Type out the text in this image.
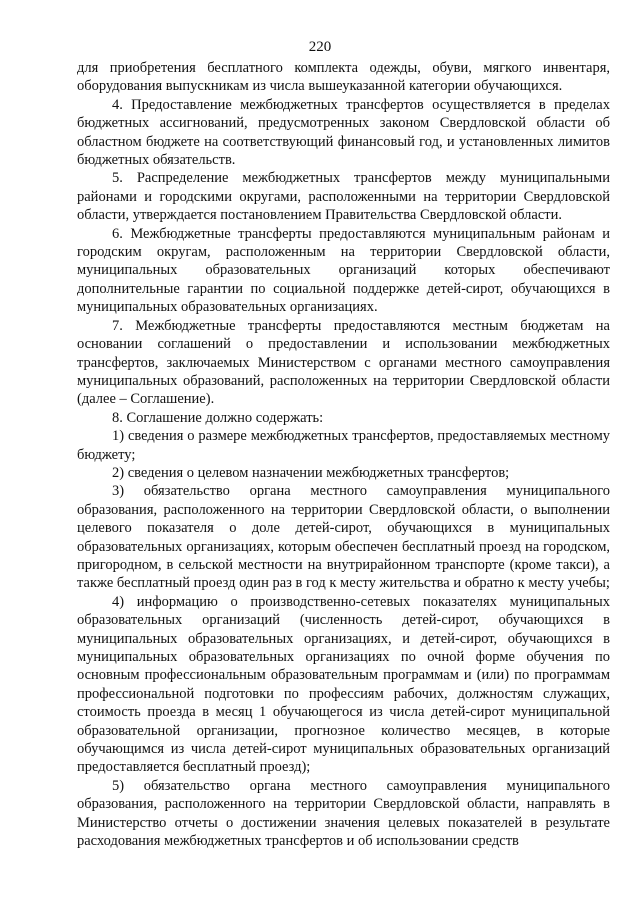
220

для приобретения бесплатного комплекта одежды, обуви, мягкого инвентаря, оборудования выпускникам из числа вышеуказанной категории обучающихся.

4. Предоставление межбюджетных трансфертов осуществляется в пределах бюджетных ассигнований, предусмотренных законом Свердловской области об областном бюджете на соответствующий финансовый год, и установленных лимитов бюджетных обязательств.

5. Распределение межбюджетных трансфертов между муниципальными районами и городскими округами, расположенными на территории Свердловской области, утверждается постановлением Правительства Свердловской области.

6. Межбюджетные трансферты предоставляются муниципальным районам и городским округам, расположенным на территории Свердловской области, муниципальных образовательных организаций которых обеспечивают дополнительные гарантии по социальной поддержке детей-сирот, обучающихся в муниципальных образовательных организациях.

7. Межбюджетные трансферты предоставляются местным бюджетам на основании соглашений о предоставлении и использовании межбюджетных трансфертов, заключаемых Министерством с органами местного самоуправления муниципальных образований, расположенных на территории Свердловской области (далее – Соглашение).

8. Соглашение должно содержать:

1) сведения о размере межбюджетных трансфертов, предоставляемых местному бюджету;

2) сведения о целевом назначении межбюджетных трансфертов;

3) обязательство органа местного самоуправления муниципального образования, расположенного на территории Свердловской области, о выполнении целевого показателя о доле детей-сирот, обучающихся в муниципальных образовательных организациях, которым обеспечен бесплатный проезд на городском, пригородном, в сельской местности на внутрирайонном транспорте (кроме такси), а также бесплатный проезд один раз в год к месту жительства и обратно к месту учебы;

4) информацию о производственно-сетевых показателях муниципальных образовательных организаций (численность детей-сирот, обучающихся в муниципальных образовательных организациях, и детей-сирот, обучающихся в муниципальных образовательных организациях по очной форме обучения по основным профессиональным образовательным программам и (или) по программам профессиональной подготовки по профессиям рабочих, должностям служащих, стоимость проезда в месяц 1 обучающегося из числа детей-сирот муниципальной образовательной организации, прогнозное количество месяцев, в которые обучающимся из числа детей-сирот муниципальных образовательных организаций предоставляется бесплатный проезд);

5) обязательство органа местного самоуправления муниципального образования, расположенного на территории Свердловской области, направлять в Министерство отчеты о достижении значения целевых показателей в результате расходования межбюджетных трансфертов и об использовании средств
